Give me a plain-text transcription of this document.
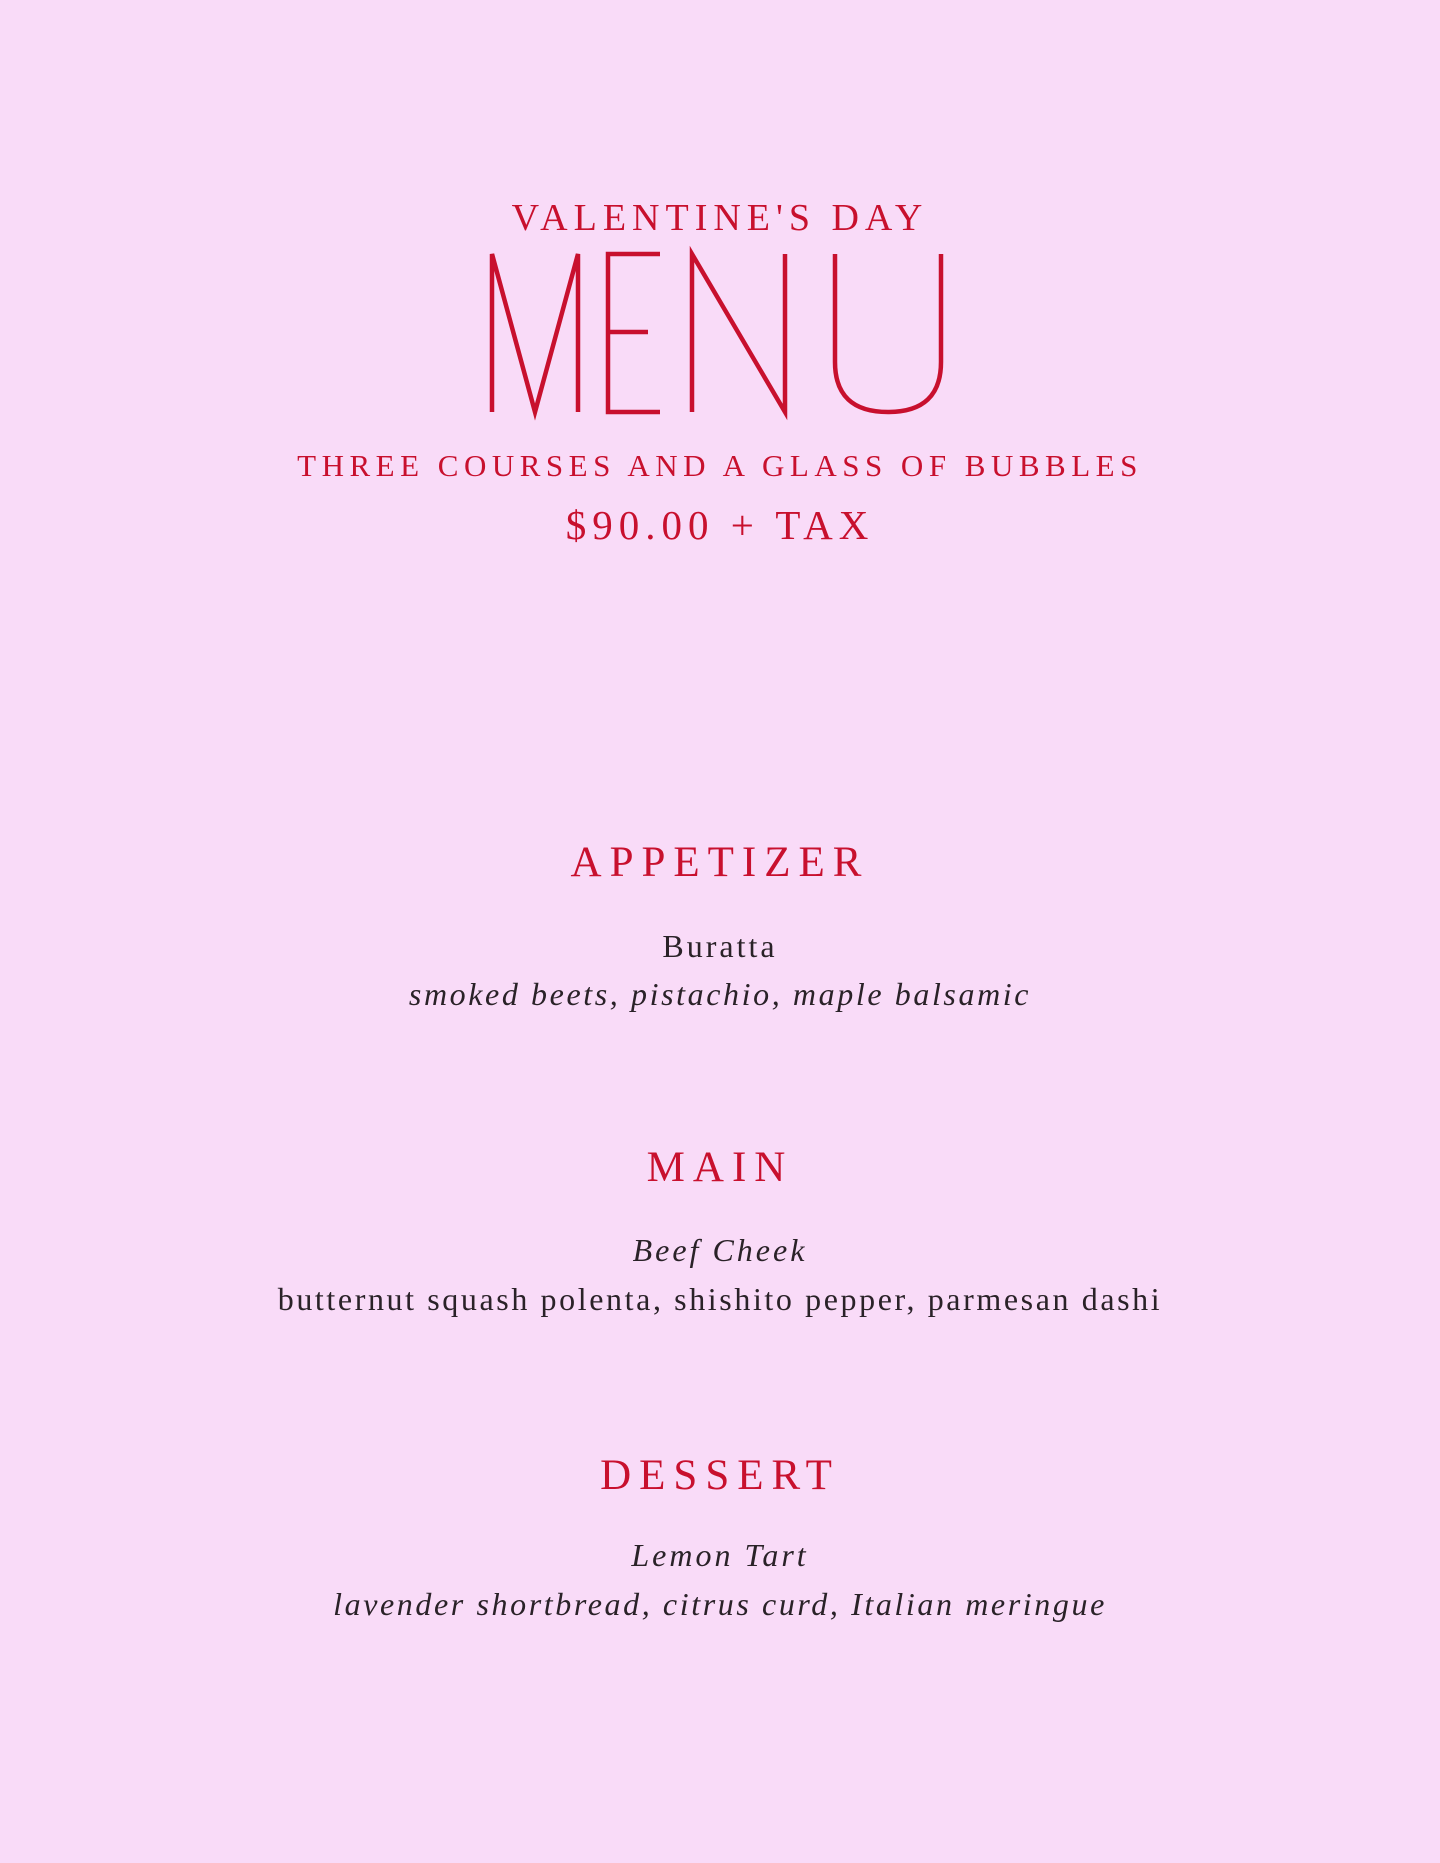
VALENTINE'S DAY
THREE COURSES AND A GLASS OF BUBBLES
$90.00 + TAX
APPETIZER
Buratta
smoked beets, pistachio, maple balsamic
MAIN
Beef Cheek
butternut squash polenta, shishito pepper, parmesan dashi
DESSERT
Lemon Tart
lavender shortbread, citrus curd, Italian meringue
